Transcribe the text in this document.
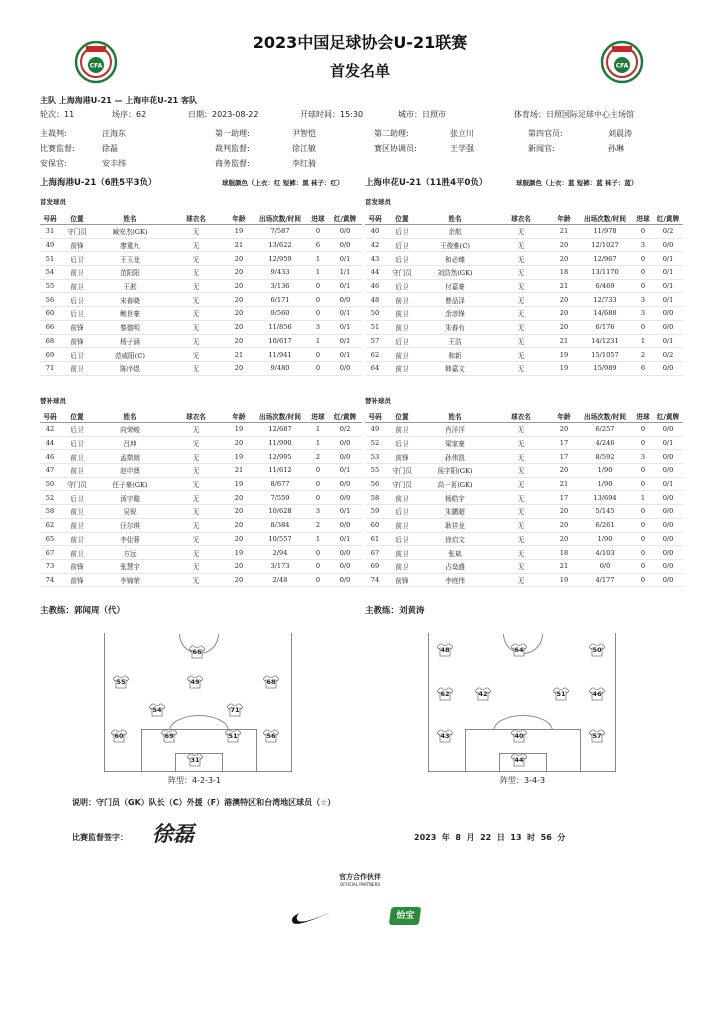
CFA	CFA
2023中国足球协会U-21联赛
首发名单
主队 上海海港U-21 — 上海申花U-21 客队
轮次：11	场序：62	日期：2023-08-22	开球时间：15:30	城市：日照市	体育场：日照国际足球中心主场馆
主裁判:	汪海东	第一助理:	尹智恺	第二助理:	张立川	第四官员:	刘晨涛
比赛监督:	徐磊	裁判监督:	徐江敏	赛区协调员:	王学强	新闻官:	孙琳
安保官:	安丰纬	商务监督:	李红骑
上海海港U-21（6胜5平3负）	球服颜色（上衣：红 短裤：黑 袜子：红）	上海申花U-21（11胜4平0负）	球服颜色（上衣：蓝 短裤：蓝 袜子：蓝）
首发球员	首发球员
号码	位置	姓名	球衣名	年龄	出场次数/时间	进球	红/黄牌
31	守门员	臧安杰(GK)	无	19	7/587	0	0/0
49	前锋	廖重九	无	21	13/622	6	0/0
51	后卫	王玉龙	无	20	12/959	1	0/1
54	前卫	范阳阳	无	20	9/433	1	1/1
55	前卫	王淞	无	20	3/136	0	0/1
56	后卫	宋春晓	无	20	6/171	0	0/0
60	后卫	鲍世豪	无	20	9/560	0	0/1
66	前锋	黎德明	无	20	11/856	3	0/1
68	前锋	杨子涵	无	20	10/617	1	0/1
69	后卫	范威阳(C)	无	21	11/941	0	0/1
71	前卫	陈序煜	无	20	9/480	0	0/0
号码	位置	姓名	球衣名	年龄	出场次数/时间	进球	红/黄牌
40	后卫	余航	无	21	11/978	0	0/2
42	后卫	王俊雅(C)	无	20	12/1027	3	0/0
43	后卫	和必臻	无	20	12/967	0	0/1
44	守门员	刘浩然(GK)	无	18	13/1170	0	0/1
46	后卫	付嘉豪	无	21	6/469	0	0/1
48	前卫	曹品泽	无	20	12/733	3	0/1
50	前卫	余彦锋	无	20	14/688	3	0/0
51	前卫	朱春有	无	20	6/176	0	0/0
57	后卫	王浩	无	21	14/1231	1	0/1
62	前卫	和新	无	19	15/1057	2	0/2
64	前卫	韩嘉文	无	19	15/989	6	0/0
替补球员	替补球员
号码	位置	姓名	球衣名	年龄	出场次数/时间	进球	红/黄牌
42	后卫	向荣峻	无	19	12/687	1	0/2
44	后卫	吕坤	无	20	11/990	1	0/0
46	前卫	孟徵朗	无	19	12/995	2	0/0
47	前卫	赵申澳	无	21	11/612	0	0/1
50	守门员	任子豪(GK)	无	19	8/677	0	0/0
52	后卫	汤宇璇	无	20	7/559	0	0/0
58	前卫	吴锐	无	20	10/628	3	0/1
62	前卫	汪尔琪	无	20	8/384	2	0/0
65	前卫	李佳蓉	无	20	10/557	1	0/1
67	前卫	方远	无	19	2/94	0	0/0
73	前锋	张慧宇	无	20	3/173	0	0/0
74	前锋	李锦荣	无	20	2/48	0	0/0
号码	位置	姓名	球衣名	年龄	出场次数/时间	进球	红/黄牌
49	前卫	肖洋洋	无	20	6/257	0	0/0
52	后卫	梁家豪	无	17	4/246	0	0/1
53	前锋	孙伟凯	无	17	8/592	3	0/0
55	守门员	侯宇阳(GK)	无	20	1/90	0	0/0
56	守门员	高一茗(GK)	无	21	1/90	0	0/1
58	前卫	杨皓宇	无	17	13/694	1	0/0
59	后卫	朱鹏超	无	20	5/145	0	0/0
60	前卫	耿祥龙	无	20	6/261	0	0/0
61	后卫	徐启文	无	20	1/90	0	0/0
67	前卫	张斌	无	18	4/103	0	0/0
69	前卫	占燊盛	无	21	0/0	0	0/0
74	前锋	李庭伟	无	19	4/177	0	0/0
主教练：郭闻周（代）	主教练：刘黄涛
66
55	49	68
54	71
60	69	51	56
31
48	64	50
62	42	51	46
43	57
40
44
阵型：4-2-3-1	阵型：3-4-3
说明：守门员（GK）队长（C）外援（F）港澳特区和台湾地区球员（☆）
比赛监督签字： 徐磊	2023  年  8  月  22  日  13  时  56  分
官方合作伙伴
OFFICIAL PARTNERS
怡宝
